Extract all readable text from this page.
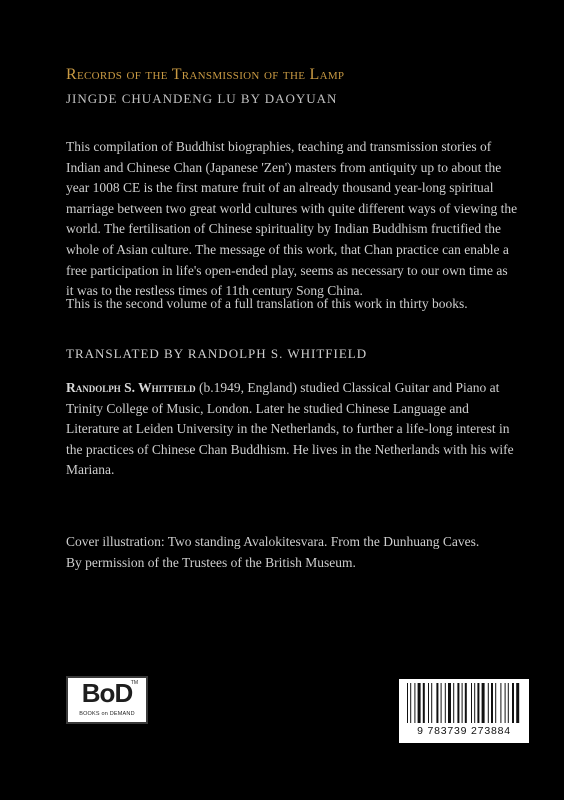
Records of the Transmission of the Lamp
JINGDE CHUANDENG LU BY DAOYUAN
This compilation of Buddhist biographies, teaching and transmission stories of Indian and Chinese Chan (Japanese 'Zen') masters from antiquity up to about the year 1008 CE is the first mature fruit of an already thousand year-long spiritual marriage between two great world cultures with quite different ways of viewing the world. The fertilisation of Chinese spirituality by Indian Buddhism fructified the whole of Asian culture. The message of this work, that Chan practice can enable a free participation in life's open-ended play, seems as necessary to our own time as it was to the restless times of 11th century Song China.
This is the second volume of a full translation of this work in thirty books.
TRANSLATED BY RANDOLPH S. WHITFIELD
Randolph S. Whitfield (b.1949, England) studied Classical Guitar and Piano at Trinity College of Music, London. Later he studied Chinese Language and Literature at Leiden University in the Netherlands, to further a life-long interest in the practices of Chinese Chan Buddhism. He lives in the Netherlands with his wife Mariana.
Cover illustration: Two standing Avalokitesvara. From the Dunhuang Caves.
By permission of the Trustees of the British Museum.
BoD
TM
BOOKS on DEMAND
9 783739 273884
